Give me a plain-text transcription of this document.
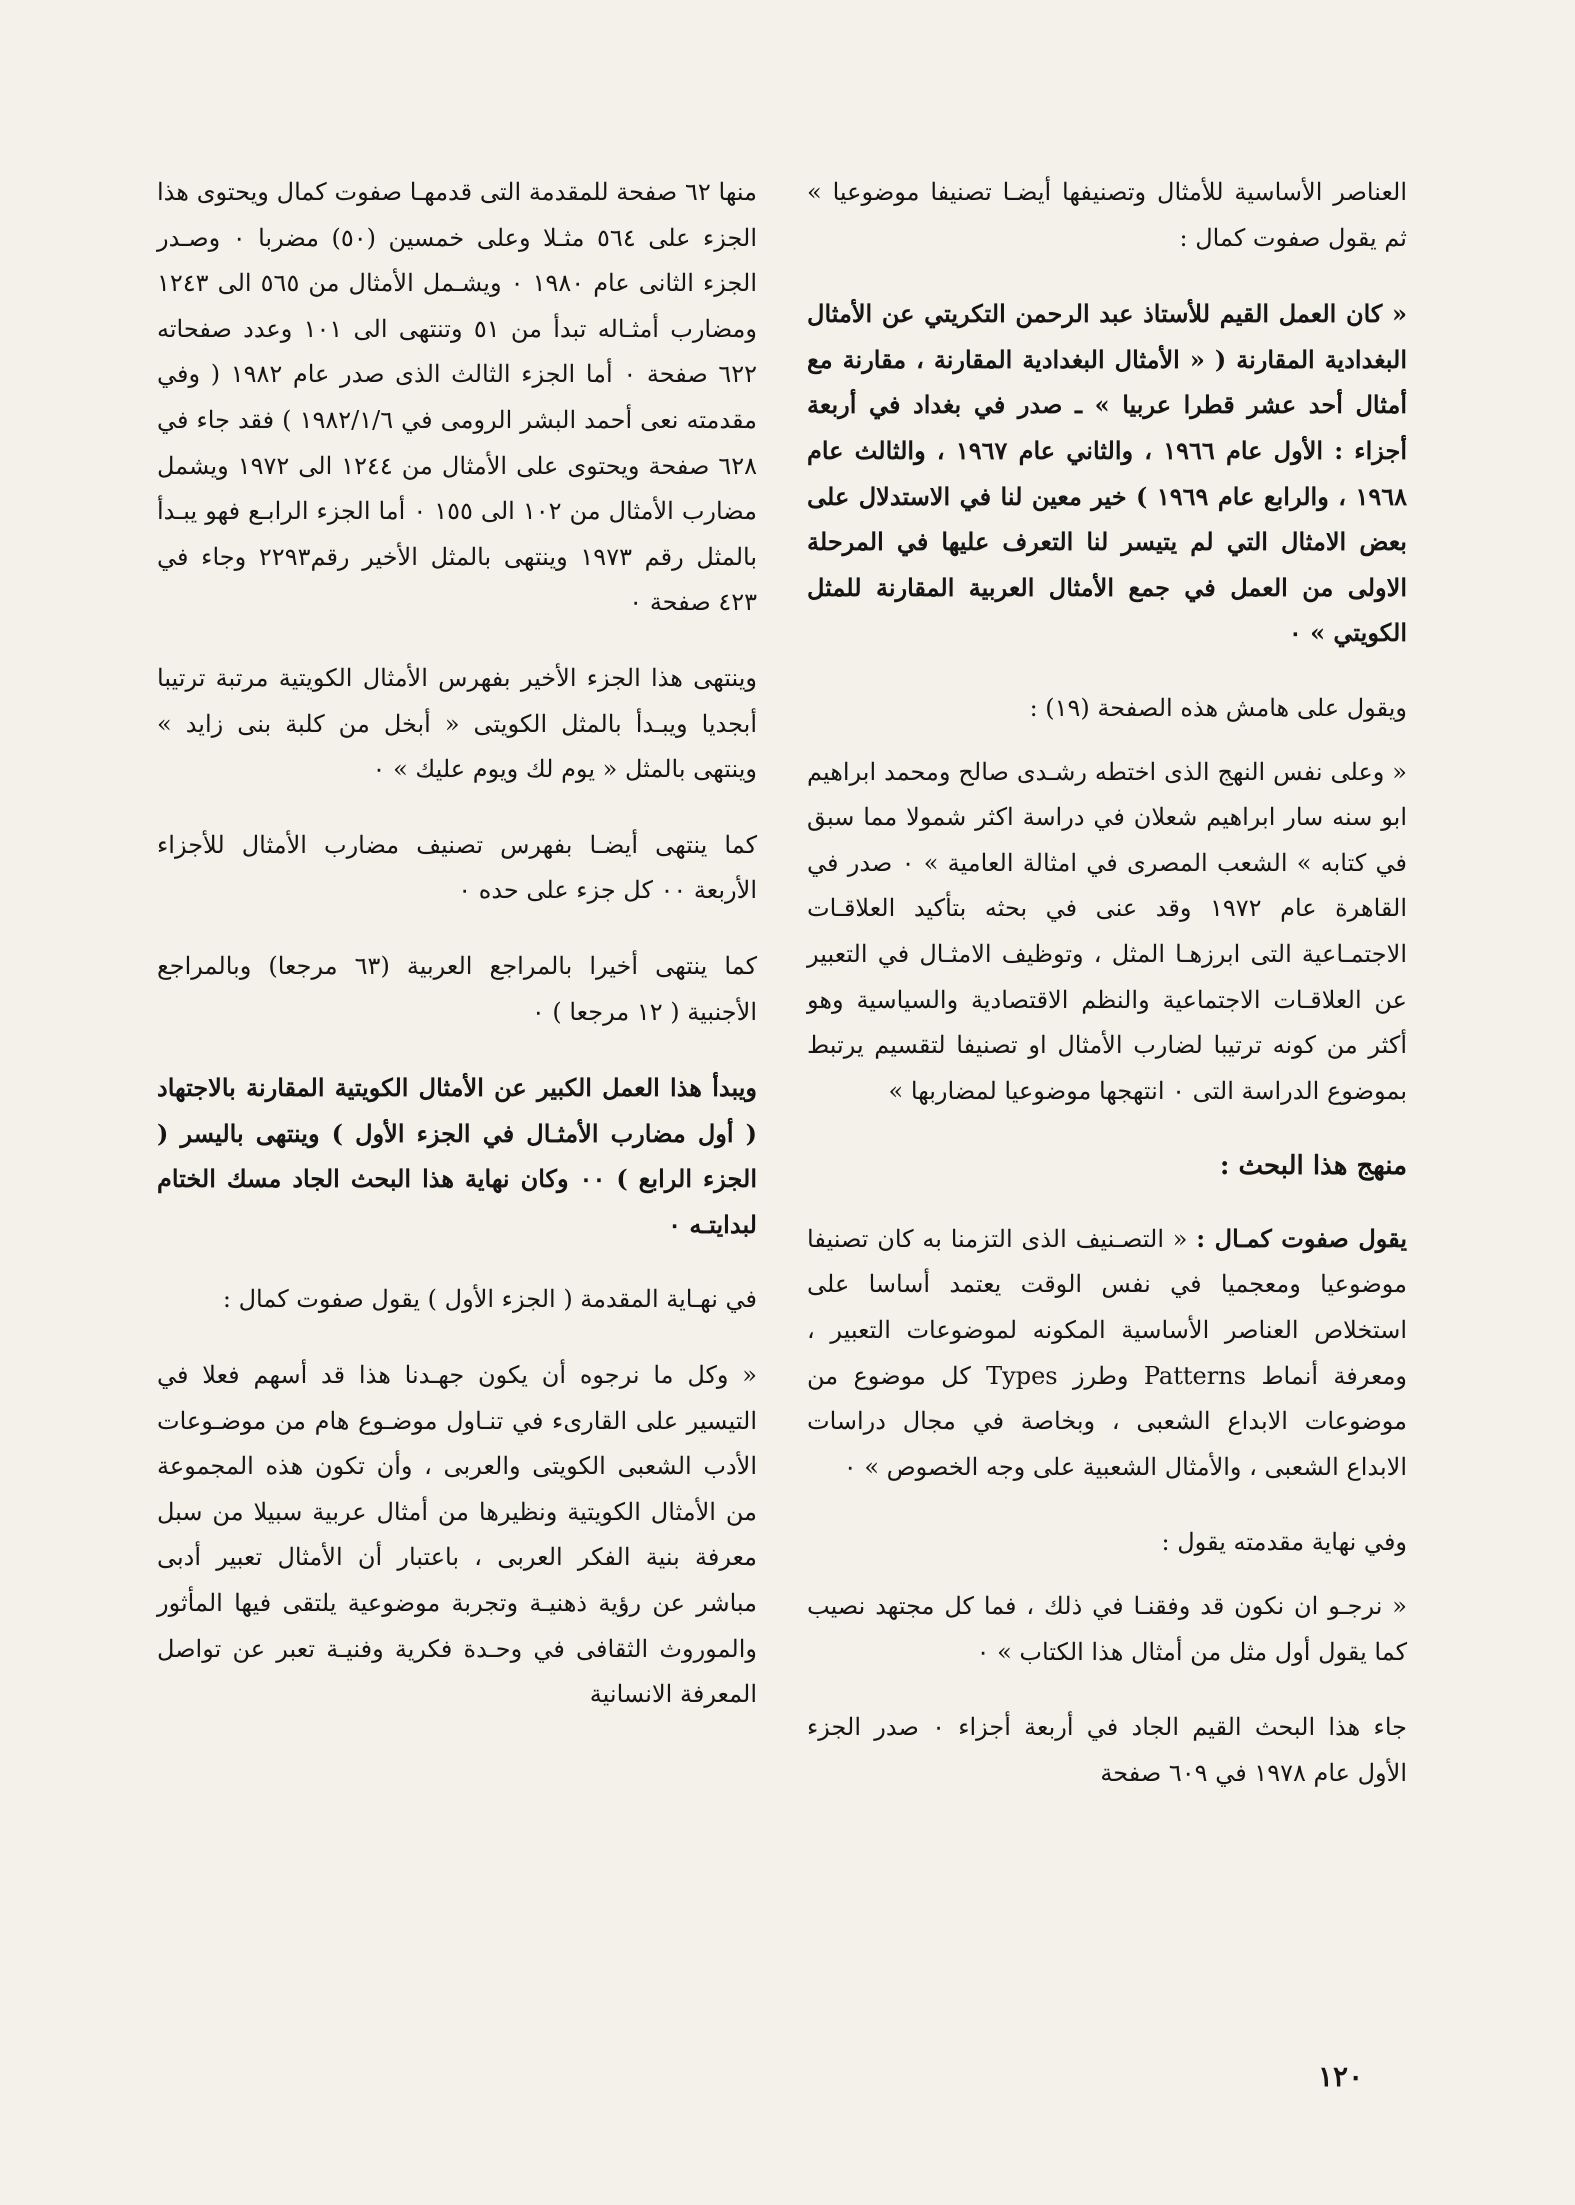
العناصر الأساسية للأمثال وتصنيفها أيضـا تصنيفا موضوعيا » ثم يقول صفوت كمال :

« كان العمل القيم للأستاذ عبد الرحمن التكريتي عن الأمثال البغدادية المقارنة ( « الأمثال البغدادية المقارنة ، مقارنة مع أمثال أحد عشر قطرا عربيا » ـ صدر في بغداد في أربعة أجزاء : الأول عام ١٩٦٦ ، والثاني عام ١٩٦٧ ، والثالث عام ١٩٦٨ ، والرابع عام ١٩٦٩ ) خير معين لنا في الاستدلال على بعض الامثال التي لم يتيسر لنا التعرف عليها في المرحلة الاولى من العمل في جمع الأمثال العربية المقارنة للمثل الكويتي » ٠

ويقول على هامش هذه الصفحة (١٩) :

« وعلى نفس النهج الذى اختطه رشـدى صالح ومحمد ابراهيم ابو سنه سار ابراهيم شعلان في دراسة اكثر شمولا مما سبق في كتابه » الشعب المصرى في امثالة العامية » ٠ صدر في القاهرة عام ١٩٧٢ وقد عنى في بحثه بتأكيد العلاقـات الاجتمـاعية التى ابرزهـا المثل ، وتوظيف الامثـال في التعبير عن العلاقـات الاجتماعية والنظم الاقتصادية والسياسية وهو أكثر من كونه ترتيبا لضارب الأمثال او تصنيفا لتقسيم يرتبط بموضوع الدراسة التى ٠ انتهجها موضوعيا لمضاربها »

منهج هذا البحث :

يقول صفوت كمـال : « التصـنيف الذى التزمنا به كان تصنيفا موضوعيا ومعجميا في نفس الوقت يعتمد أساسا على استخلاص العناصر الأساسية المكونه لموضوعات التعبير ، ومعرفة أنماط Patterns وطرز Types كل موضوع من موضوعات الابداع الشعبى ، وبخاصة في مجال دراسات الابداع الشعبى ، والأمثال الشعبية على وجه الخصوص » ٠

وفي نهاية مقدمته يقول :

« نرجـو ان نكون قد وفقنـا في ذلك ، فما كل مجتهد نصيب كما يقول أول مثل من أمثال هذا الكتاب » ٠

جاء هذا البحث القيم الجاد في أربعة أجزاء ٠ صدر الجزء الأول عام ١٩٧٨ في ٦٠٩ صفحة

منها ٦٢ صفحة للمقدمة التى قدمهـا صفوت كمال ويحتوى هذا الجزء على ٥٦٤ مثـلا وعلى خمسين (٥٠) مضربا ٠ وصـدر الجزء الثانى عام ١٩٨٠ ٠ ويشـمل الأمثال من ٥٦٥ الى ١٢٤٣ ومضارب أمثـاله تبدأ من ٥١ وتنتهى الى ١٠١ وعدد صفحاته ٦٢٢ صفحة ٠ أما الجزء الثالث الذى صدر عام ١٩٨٢ ( وفي مقدمته نعى أحمد البشر الرومى في ١٩٨٢/١/٦ ) فقد جاء في ٦٢٨ صفحة ويحتوى على الأمثال من ١٢٤٤ الى ١٩٧٢ ويشمل مضارب الأمثال من ١٠٢ الى ١٥٥ ٠ أما الجزء الرابـع فهو يبـدأ بالمثل رقم ١٩٧٣ وينتهى بالمثل الأخير رقم٢٢٩٣ وجاء في ٤٢٣ صفحة ٠

وينتهى هذا الجزء الأخير بفهرس الأمثال الكويتية مرتبة ترتيبا أبجديا ويبـدأ بالمثل الكويتى « أبخل من كلبة بنى زايد » وينتهى بالمثل « يوم لك ويوم عليك » ٠

كما ينتهى أيضـا بفهرس تصنيف مضارب الأمثال للأجزاء الأربعة ٠٠ كل جزء على حده ٠

كما ينتهى أخيرا بالمراجع العربية (٦٣ مرجعا) وبالمراجع الأجنبية ( ١٢ مرجعا ) ٠

ويبدأ هذا العمل الكبير عن الأمثال الكويتية المقارنة بالاجتهاد ( أول مضارب الأمثـال في الجزء الأول ) وينتهى باليسر ( الجزء الرابع ) ٠٠ وكان نهاية هذا البحث الجاد مسك الختام لبدايتـه ٠

في نهـاية المقدمة ( الجزء الأول ) يقول صفوت كمال :

« وكل ما نرجوه أن يكون جهـدنا هذا قد أسهم فعلا في التيسير على القارىء في تنـاول موضـوع هام من موضـوعات الأدب الشعبى الكويتى والعربى ، وأن تكون هذه المجموعة من الأمثال الكويتية ونظيرها من أمثال عربية سبيلا من سبل معرفة بنية الفكر العربى ، باعتبار أن الأمثال تعبير أدبى مباشر عن رؤية ذهنيـة وتجربة موضوعية يلتقى فيها المأثور والموروث الثقافى في وحـدة فكرية وفنيـة تعبر عن تواصل المعرفة الانسانية

١٢٠
